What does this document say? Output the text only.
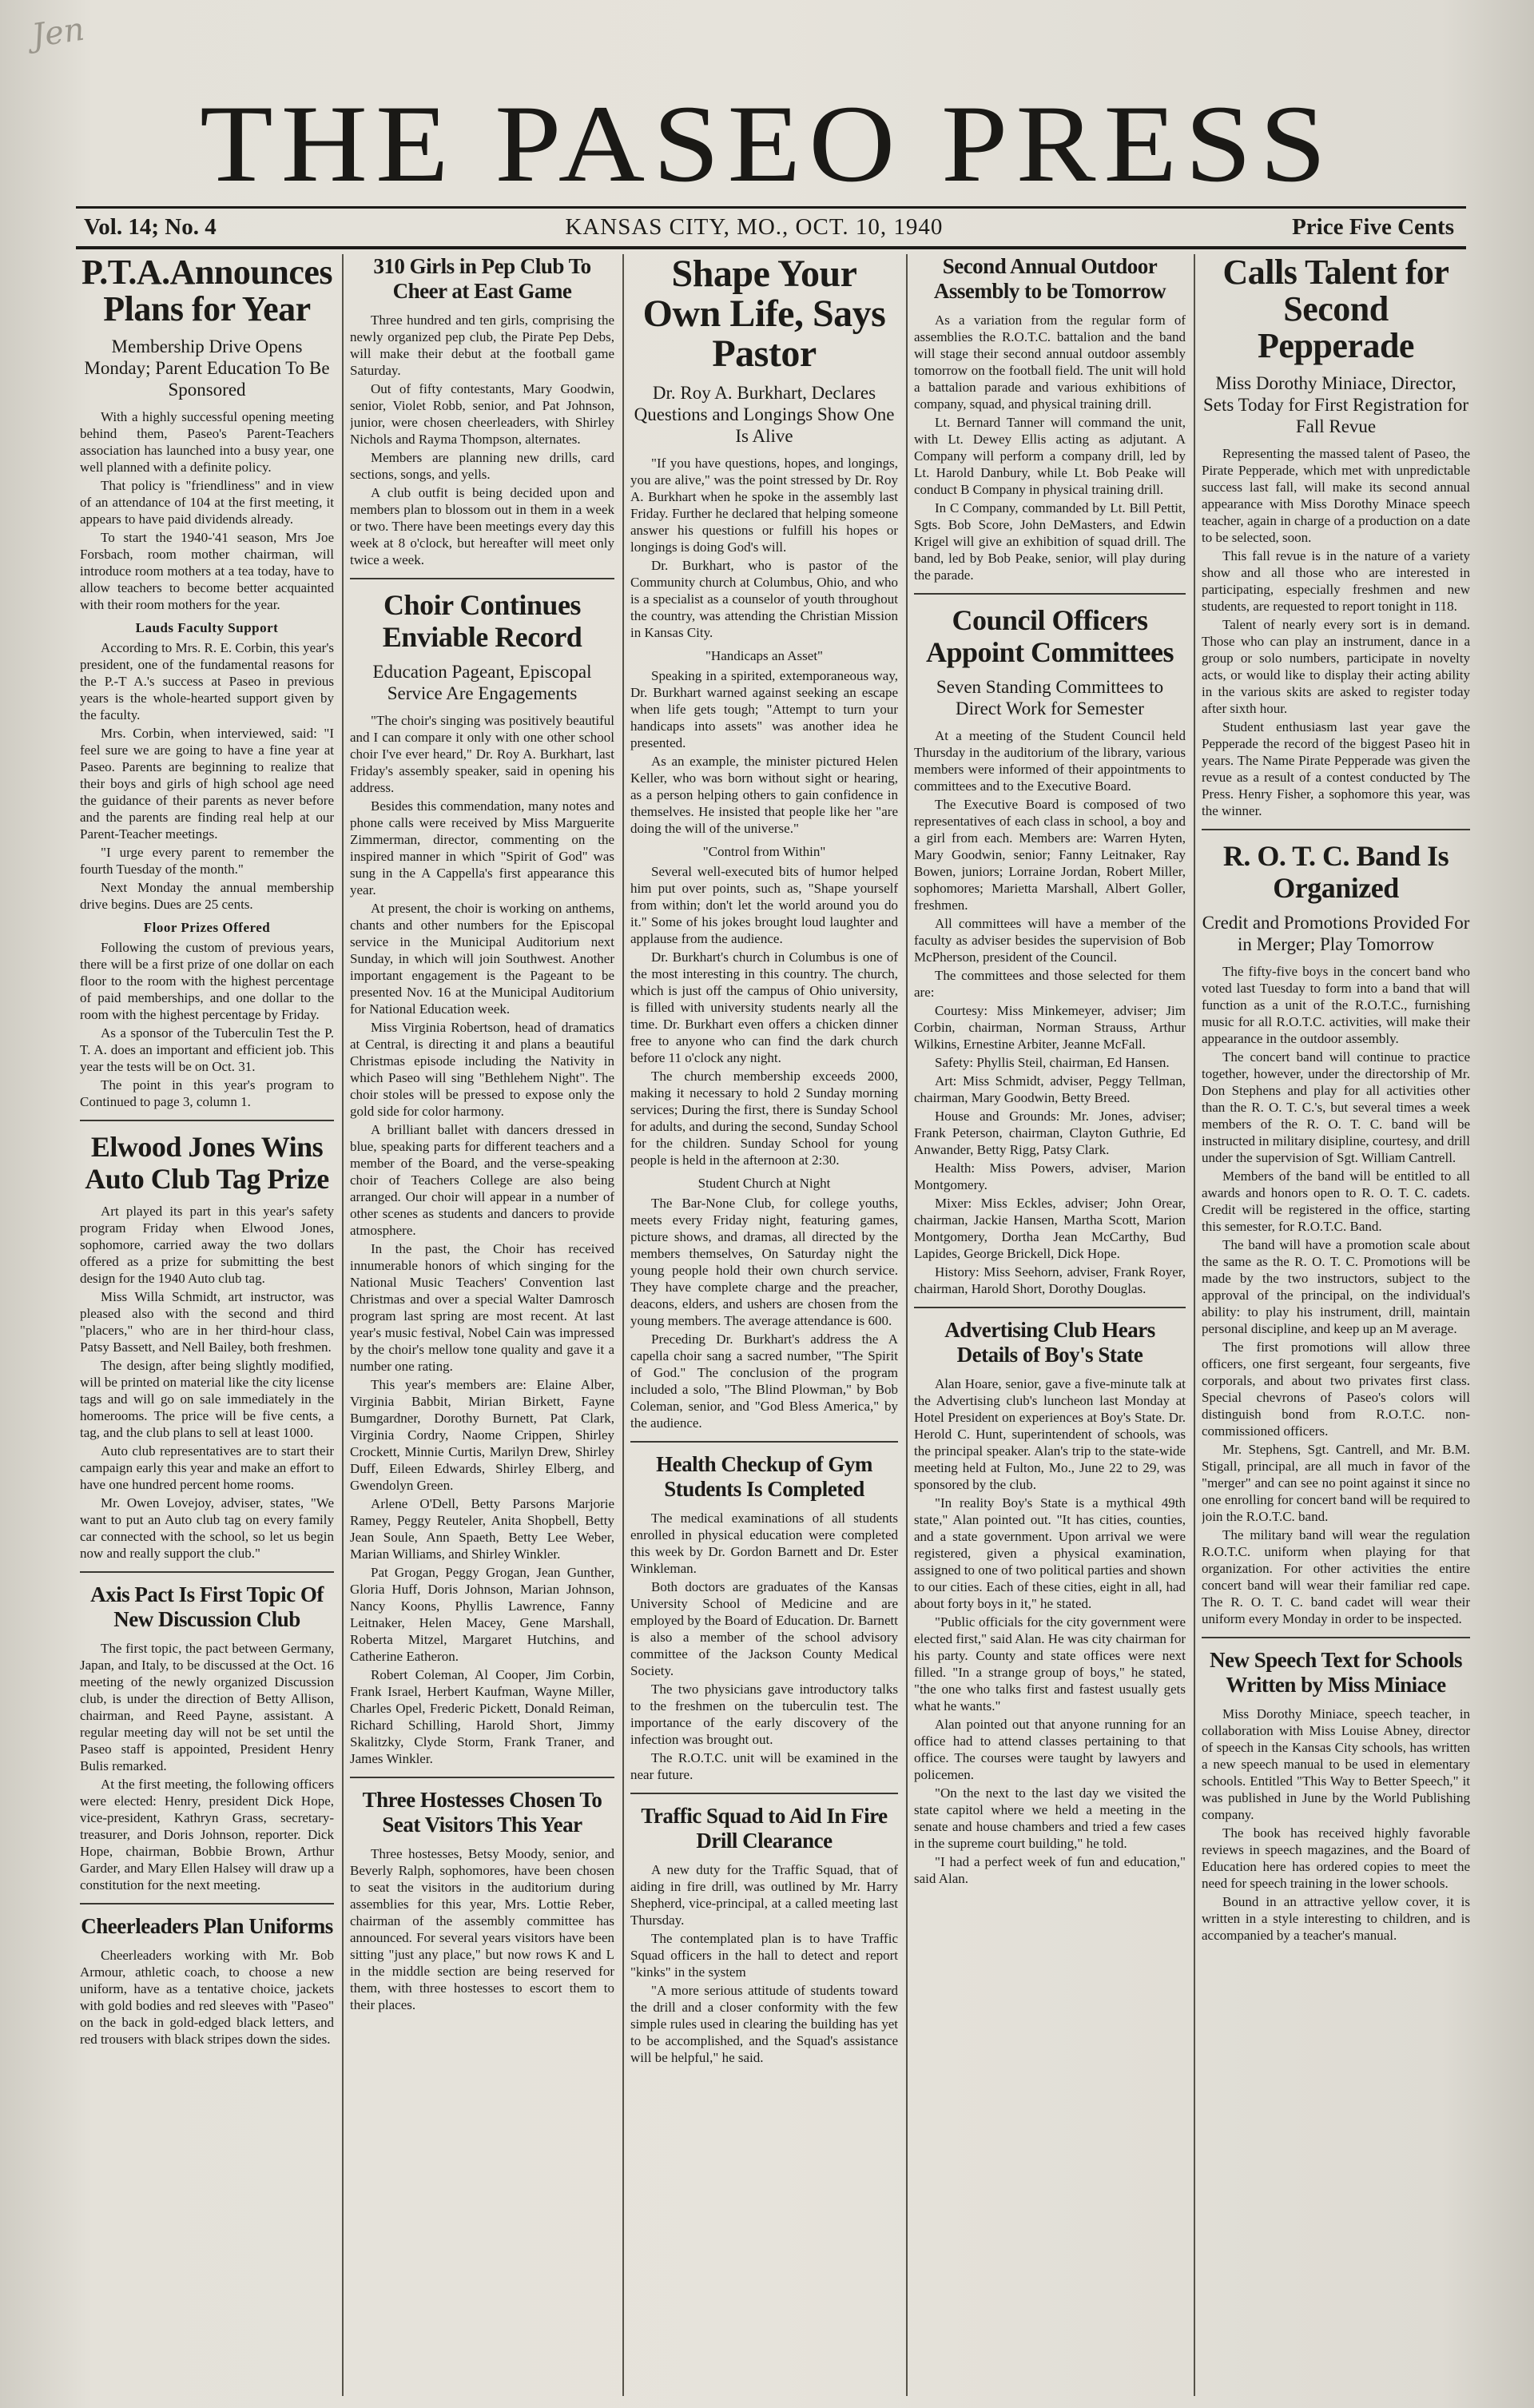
Jen
THE PASEO PRESS
Vol. 14; No. 4	KANSAS CITY, MO., OCT. 10, 1940	Price Five Cents
P.T.A.Announces Plans for Year
Membership Drive Opens Monday; Parent Education To Be Sponsored

With a highly successful opening meeting behind them, Paseo's Parent-Teachers association has launched into a busy year, one well planned with a definite policy.

That policy is "friendliness" and in view of an attendance of 104 at the first meeting, it appears to have paid dividends already.

To start the 1940-'41 season, Mrs Joe Forsbach, room mother chairman, will introduce room mothers at a tea today, have to allow teachers to become better acquainted with their room mothers for the year.

Lauds Faculty Support

According to Mrs. R. E. Corbin, this year's president, one of the fundamental reasons for the P.-T A.'s success at Paseo in previous years is the whole-hearted support given by the faculty.

Mrs. Corbin, when interviewed, said: "I feel sure we are going to have a fine year at Paseo. Parents are beginning to realize that their boys and girls of high school age need the guidance of their parents as never before and the parents are finding real help at our Parent-Teacher meetings.

"I urge every parent to remember the fourth Tuesday of the month."

Next Monday the annual membership drive begins. Dues are 25 cents.

Floor Prizes Offered

Following the custom of previous years, there will be a first prize of one dollar on each floor to the room with the highest percentage of paid memberships, and one dollar to the room with the highest percentage by Friday.

As a sponsor of the Tuberculin Test the P. T. A. does an important and efficient job. This year the tests will be on Oct. 31.

The point in this year's program to Continued to page 3, column 1.

Elwood Jones Wins Auto Club Tag Prize

Art played its part in this year's safety program Friday when Elwood Jones, sophomore, carried away the two dollars offered as a prize for submitting the best design for the 1940 Auto club tag.

Miss Willa Schmidt, art instructor, was pleased also with the second and third "placers," who are in her third-hour class, Patsy Bassett, and Nell Bailey, both freshmen.

The design, after being slightly modified, will be printed on material like the city license tags and will go on sale immediately in the homerooms. The price will be five cents, a tag, and the club plans to sell at least 1000.

Auto club representatives are to start their campaign early this year and make an effort to have one hundred percent home rooms.

Mr. Owen Lovejoy, adviser, states, "We want to put an Auto club tag on every family car connected with the school, so let us begin now and really support the club."

Axis Pact Is First Topic Of New Discussion Club

The first topic, the pact between Germany, Japan, and Italy, to be discussed at the Oct. 16 meeting of the newly organized Discussion club, is under the direction of Betty Allison, chairman, and Reed Payne, assistant. A regular meeting day will not be set until the Paseo staff is appointed, President Henry Bulis remarked.

At the first meeting, the following officers were elected: Henry, president Dick Hope, vice-president, Kathryn Grass, secretary-treasurer, and Doris Johnson, reporter. Dick Hope, chairman, Bobbie Brown, Arthur Garder, and Mary Ellen Halsey will draw up a constitution for the next meeting.

Cheerleaders Plan Uniforms

Cheerleaders working with Mr. Bob Armour, athletic coach, to choose a new uniform, have as a tentative choice, jackets with gold bodies and red sleeves with "Paseo" on the back in gold-edged black letters, and red trousers with black stripes down the sides.

310 Girls in Pep Club To Cheer at East Game

Three hundred and ten girls, comprising the newly organized pep club, the Pirate Pep Debs, will make their debut at the football game Saturday.

Out of fifty contestants, Mary Goodwin, senior, Violet Robb, senior, and Pat Johnson, junior, were chosen cheerleaders, with Shirley Nichols and Rayma Thompson, alternates.

Members are planning new drills, card sections, songs, and yells.

A club outfit is being decided upon and members plan to blossom out in them in a week or two. There have been meetings every day this week at 8 o'clock, but hereafter will meet only twice a week.

Choir Continues Enviable Record
Education Pageant, Episcopal Service Are Engagements

"The choir's singing was positively beautiful and I can compare it only with one other school choir I've ever heard," Dr. Roy A. Burkhart, last Friday's assembly speaker, said in opening his address.

Besides this commendation, many notes and phone calls were received by Miss Marguerite Zimmerman, director, commenting on the inspired manner in which "Spirit of God" was sung in the A Cappella's first appearance this year.

At present, the choir is working on anthems, chants and other numbers for the Episcopal service in the Municipal Auditorium next Sunday, in which will join Southwest. Another important engagement is the Pageant to be presented Nov. 16 at the Municipal Auditorium for National Education week.

Miss Virginia Robertson, head of dramatics at Central, is directing it and plans a beautiful Christmas episode including the Nativity in which Paseo will sing "Bethlehem Night". The choir stoles will be pressed to expose only the gold side for color harmony.

A brilliant ballet with dancers dressed in blue, speaking parts for different teachers and a member of the Board, and the verse-speaking choir of Teachers College are also being arranged. Our choir will appear in a number of other scenes as students and dancers to provide atmosphere.

In the past, the Choir has received innumerable honors of which singing for the National Music Teachers' Convention last Christmas and over a special Walter Damrosch program last spring are most recent. At last year's music festival, Nobel Cain was impressed by the choir's mellow tone quality and gave it a number one rating.

This year's members are: Elaine Alber, Virginia Babbit, Mirian Birkett, Fayne Bumgardner, Dorothy Burnett, Pat Clark, Virginia Cordry, Naome Crippen, Shirley Crockett, Minnie Curtis, Marilyn Drew, Shirley Duff, Eileen Edwards, Shirley Elberg, and Gwendolyn Green.

Arlene O'Dell, Betty Parsons Marjorie Ramey, Peggy Reuteler, Anita Shopbell, Betty Jean Soule, Ann Spaeth, Betty Lee Weber, Marian Williams, and Shirley Winkler.

Pat Grogan, Peggy Grogan, Jean Gunther, Gloria Huff, Doris Johnson, Marian Johnson, Nancy Koons, Phyllis Lawrence, Fanny Leitnaker, Helen Macey, Gene Marshall, Roberta Mitzel, Margaret Hutchins, and Catherine Eatheron.

Robert Coleman, Al Cooper, Jim Corbin, Frank Israel, Herbert Kaufman, Wayne Miller, Charles Opel, Frederic Pickett, Donald Reiman, Richard Schilling, Harold Short, Jimmy Skalitzky, Clyde Storm, Frank Traner, and James Winkler.

Three Hostesses Chosen To Seat Visitors This Year

Three hostesses, Betsy Moody, senior, and Beverly Ralph, sophomores, have been chosen to seat the visitors in the auditorium during assemblies for this year, Mrs. Lottie Reber, chairman of the assembly committee has announced. For several years visitors have been sitting "just any place," but now rows K and L in the middle section are being reserved for them, with three hostesses to escort them to their places.

Shape Your Own Life, Says Pastor
Dr. Roy A. Burkhart, Declares Questions and Longings Show One Is Alive

"If you have questions, hopes, and longings, you are alive," was the point stressed by Dr. Roy A. Burkhart when he spoke in the assembly last Friday. Further he declared that helping someone answer his questions or fulfill his hopes or longings is doing God's will.

Dr. Burkhart, who is pastor of the Community church at Columbus, Ohio, and who is a specialist as a counselor of youth throughout the country, was attending the Christian Mission in Kansas City.

"Handicaps an Asset"

Speaking in a spirited, extemporaneous way, Dr. Burkhart warned against seeking an escape when life gets tough; "Attempt to turn your handicaps into assets" was another idea he presented.

As an example, the minister pictured Helen Keller, who was born without sight or hearing, as a person helping others to gain confidence in themselves. He insisted that people like her "are doing the will of the universe."

"Control from Within"

Several well-executed bits of humor helped him put over points, such as, "Shape yourself from within; don't let the world around you do it." Some of his jokes brought loud laughter and applause from the audience.

Dr. Burkhart's church in Columbus is one of the most interesting in this country. The church, which is just off the campus of Ohio university, is filled with university students nearly all the time. Dr. Burkhart even offers a chicken dinner free to anyone who can find the dark church before 11 o'clock any night.

The church membership exceeds 2000, making it necessary to hold 2 Sunday morning services; During the first, there is Sunday School for adults, and during the second, Sunday School for the children. Sunday School for young people is held in the afternoon at 2:30.

Student Church at Night

The Bar-None Club, for college youths, meets every Friday night, featuring games, picture shows, and dramas, all directed by the members themselves, On Saturday night the young people hold their own church service. They have complete charge and the preacher, deacons, elders, and ushers are chosen from the young members. The average attendance is 600.

Preceding Dr. Burkhart's address the A capella choir sang a sacred number, "The Spirit of God." The conclusion of the program included a solo, "The Blind Plowman," by Bob Coleman, senior, and "God Bless America," by the audience.

Health Checkup of Gym Students Is Completed

The medical examinations of all students enrolled in physical education were completed this week by Dr. Gordon Barnett and Dr. Ester Winkleman.

Both doctors are graduates of the Kansas University School of Medicine and are employed by the Board of Education. Dr. Barnett is also a member of the school advisory committee of the Jackson County Medical Society.

The two physicians gave introductory talks to the freshmen on the tuberculin test. The importance of the early discovery of the infection was brought out.

The R.O.T.C. unit will be examined in the near future.

Traffic Squad to Aid In Fire Drill Clearance

A new duty for the Traffic Squad, that of aiding in fire drill, was outlined by Mr. Harry Shepherd, vice-principal, at a called meeting last Thursday.

The contemplated plan is to have Traffic Squad officers in the hall to detect and report "kinks" in the system

"A more serious attitude of students toward the drill and a closer conformity with the few simple rules used in clearing the building has yet to be accomplished, and the Squad's assistance will be helpful," he said.

Second Annual Outdoor Assembly to be Tomorrow

As a variation from the regular form of assemblies the R.O.T.C. battalion and the band will stage their second annual outdoor assembly tomorrow on the football field. The unit will hold a battalion parade and various exhibitions of company, squad, and physical training drill.

Lt. Bernard Tanner will command the unit, with Lt. Dewey Ellis acting as adjutant. A Company will perform a company drill, led by Lt. Harold Danbury, while Lt. Bob Peake will conduct B Company in physical training drill.

In C Company, commanded by Lt. Bill Pettit, Sgts. Bob Score, John DeMasters, and Edwin Krigel will give an exhibition of squad drill. The band, led by Bob Peake, senior, will play during the parade.

Council Officers Appoint Committees
Seven Standing Committees to Direct Work for Semester

At a meeting of the Student Council held Thursday in the auditorium of the library, various members were informed of their appointments to committees and to the Executive Board.

The Executive Board is composed of two representatives of each class in school, a boy and a girl from each. Members are: Warren Hyten, Mary Goodwin, senior; Fanny Leitnaker, Ray Bowen, juniors; Lorraine Jordan, Robert Miller, sophomores; Marietta Marshall, Albert Goller, freshmen.

All committees will have a member of the faculty as adviser besides the supervision of Bob McPherson, president of the Council.

The committees and those selected for them are:

Courtesy: Miss Minkemeyer, adviser; Jim Corbin, chairman, Norman Strauss, Arthur Wilkins, Ernestine Arbiter, Jeanne McFall.

Safety: Phyllis Steil, chairman, Ed Hansen.

Art: Miss Schmidt, adviser, Peggy Tellman, chairman, Mary Goodwin, Betty Breed.

House and Grounds: Mr. Jones, adviser; Frank Peterson, chairman, Clayton Guthrie, Ed Anwander, Betty Rigg, Patsy Clark.

Health: Miss Powers, adviser, Marion Montgomery.

Mixer: Miss Eckles, adviser; John Orear, chairman, Jackie Hansen, Martha Scott, Marion Montgomery, Dortha Jean McCarthy, Bud Lapides, George Brickell, Dick Hope.

History: Miss Seehorn, adviser, Frank Royer, chairman, Harold Short, Dorothy Douglas.

Advertising Club Hears Details of Boy's State

Alan Hoare, senior, gave a five-minute talk at the Advertising club's luncheon last Monday at Hotel President on experiences at Boy's State. Dr. Herold C. Hunt, superintendent of schools, was the principal speaker. Alan's trip to the state-wide meeting held at Fulton, Mo., June 22 to 29, was sponsored by the club.

"In reality Boy's State is a mythical 49th state," Alan pointed out. "It has cities, counties, and a state government. Upon arrival we were registered, given a physical examination, assigned to one of two political parties and shown to our cities. Each of these cities, eight in all, had about forty boys in it," he stated.

"Public officials for the city government were elected first," said Alan. He was city chairman for his party. County and state offices were next filled. "In a strange group of boys," he stated, "the one who talks first and fastest usually gets what he wants."

Alan pointed out that anyone running for an office had to attend classes pertaining to that office. The courses were taught by lawyers and policemen.

"On the next to the last day we visited the state capitol where we held a meeting in the senate and house chambers and tried a few cases in the supreme court building," he told.

"I had a perfect week of fun and education," said Alan.

Calls Talent for Second Pepperade
Miss Dorothy Miniace, Director, Sets Today for First Registration for Fall Revue

Representing the massed talent of Paseo, the Pirate Pepperade, which met with unpredictable success last fall, will make its second annual appearance with Miss Dorothy Minace speech teacher, again in charge of a production on a date to be selected, soon.

This fall revue is in the nature of a variety show and all those who are interested in participating, especially freshmen and new students, are requested to report tonight in 118.

Talent of nearly every sort is in demand. Those who can play an instrument, dance in a group or solo numbers, participate in novelty acts, or would like to display their acting ability in the various skits are asked to register today after sixth hour.

Student enthusiasm last year gave the Pepperade the record of the biggest Paseo hit in years. The Name Pirate Pepperade was given the revue as a result of a contest conducted by The Press. Henry Fisher, a sophomore this year, was the winner.

R. O. T. C. Band Is Organized
Credit and Promotions Provided For in Merger; Play Tomorrow

The fifty-five boys in the concert band who voted last Tuesday to form into a band that will function as a unit of the R.O.T.C., furnishing music for all R.O.T.C. activities, will make their appearance in the outdoor assembly.

The concert band will continue to practice together, however, under the directorship of Mr. Don Stephens and play for all activities other than the R. O. T. C.'s, but several times a week members of the R. O. T. C. band will be instructed in military disipline, courtesy, and drill under the supervision of Sgt. William Cantrell.

Members of the band will be entitled to all awards and honors open to R. O. T. C. cadets. Credit will be registered in the office, starting this semester, for R.O.T.C. Band.

The band will have a promotion scale about the same as the R. O. T. C. Promotions will be made by the two instructors, subject to the approval of the principal, on the individual's ability: to play his instrument, drill, maintain personal discipline, and keep up an M average.

The first promotions will allow three officers, one first sergeant, four sergeants, five corporals, and about two privates first class. Special chevrons of Paseo's colors will distinguish bond from R.O.T.C. non-commissioned officers.

Mr. Stephens, Sgt. Cantrell, and Mr. B.M. Stigall, principal, are all much in favor of the "merger" and can see no point against it since no one enrolling for concert band will be required to join the R.O.T.C. band.

The military band will wear the regulation R.O.T.C. uniform when playing for that organization. For other activities the entire concert band will wear their familiar red cape. The R. O. T. C. band cadet will wear their uniform every Monday in order to be inspected.

New Speech Text for Schools Written by Miss Miniace

Miss Dorothy Miniace, speech teacher, in collaboration with Miss Louise Abney, director of speech in the Kansas City schools, has written a new speech manual to be used in elementary schools. Entitled "This Way to Better Speech," it was published in June by the World Publishing company.

The book has received highly favorable reviews in speech magazines, and the Board of Education here has ordered copies to meet the need for speech training in the lower schools.

Bound in an attractive yellow cover, it is written in a style interesting to children, and is accompanied by a teacher's manual.
